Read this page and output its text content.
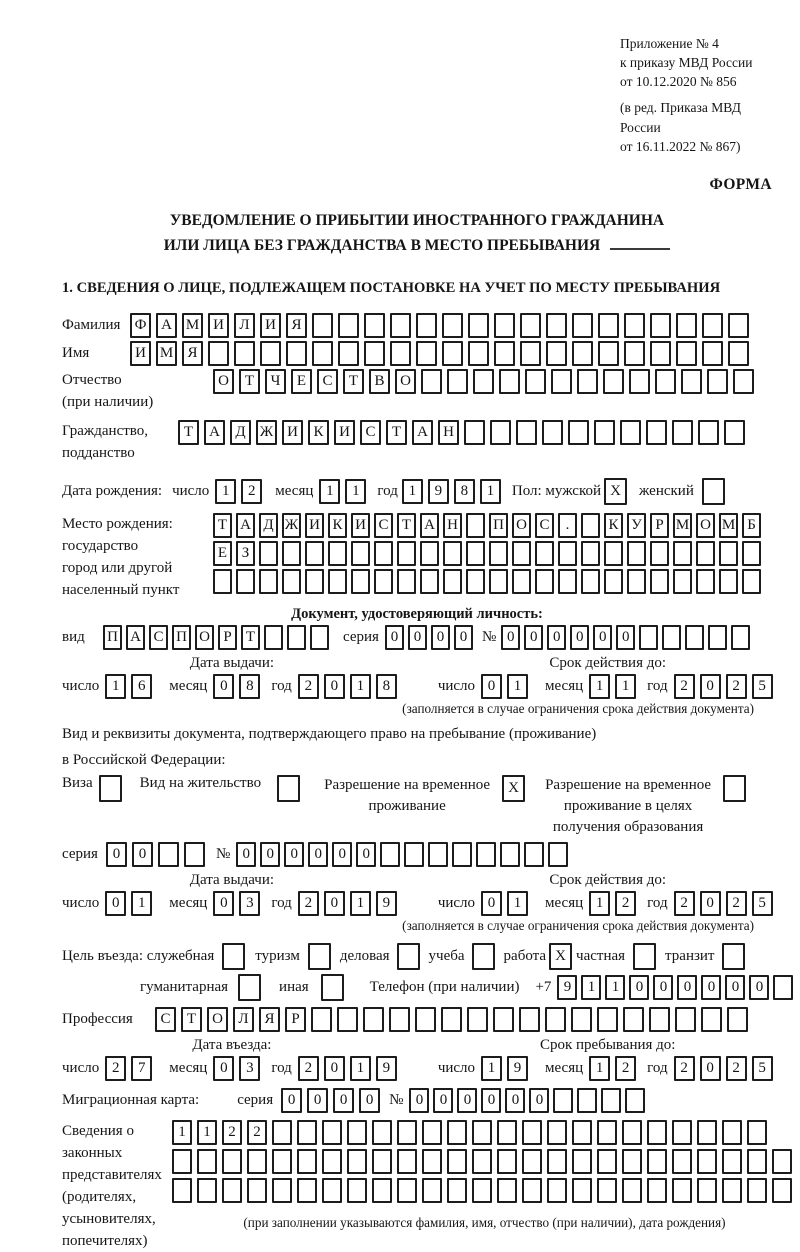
Приложение № 4
к приказу МВД России
от 10.12.2020 № 856
(в ред. Приказа МВД России
от 16.11.2022 № 867)
ФОРМА
УВЕДОМЛЕНИЕ О ПРИБЫТИИ ИНОСТРАННОГО ГРАЖДАНИНА
ИЛИ ЛИЦА БЕЗ ГРАЖДАНСТВА В МЕСТО ПРЕБЫВАНИЯ
1. СВЕДЕНИЯ О ЛИЦЕ, ПОДЛЕЖАЩЕМ ПОСТАНОВКЕ НА УЧЕТ ПО МЕСТУ ПРЕБЫВАНИЯ
Фамилия Ф А М И	Л	И	Я
Имя	И М Я
Отчество
(при наличии)
О	Т	Ч	Е	С	Т	В	О
Гражданство,
подданство
Т	А	Д Ж И	К	И	С	Т	А	Н
Дата рождения: число 1	2	месяц 1	1	год 1	9	8	1	Пол: мужской X	женский
Место рождения:
государство
город или другой
населенный пункт
Т А Д Ж И К И С Т А Н П О С	.	К У Р М О М Б
Е З
Документ, удостоверяющий личность:
вид	П А С П О Р Т	серия 0	0	0	0 № 0	0	0	0	0	0
Дата выдачи:
число 1	6	месяц 0	8	год 2	0	1	8
Срок действия до:
число 0	1	месяц 1	1	год 2	0	2	5
(заполняется в случае ограничения срока действия документа)
Вид и реквизиты документа, подтверждающего право на пребывание (проживание)
в Российской Федерации:
Виза	Вид на жительство	Разрешение на временное
проживание
X	Разрешение на временное
проживание в целях
получения образования
серия 0	0	№ 0	0	0	0	0	0
Дата выдачи:
число 0	1	месяц 0	3	год 2	0	1	9
Срок действия до:
число 0	1	месяц 1	2	год 2	0	2	5
(заполняется в случае ограничения срока действия документа)
Цель въезда: служебная	туризм	деловая	учеба	работа X частная	транзит
гуманитарная	иная	Телефон (при наличии) +7 9	1	1	0	0	0	0	0	0
Профессия	С	Т	О	Л	Я	Р
Дата въезда:
число 2	7	месяц 0	3	год 2	0	1	9
Срок пребывания до:
число 1	9	месяц 1	2	год 2	0	2	5
Миграционная карта:	серия 0	0	0	0	№ 0	0	0	0	0	0
Сведения о
законных
представителях
(родителях,
усыновителях,
попечителях)
1	1	2	2
(при заполнении указываются фамилия, имя, отчество (при наличии), дата рождения)
